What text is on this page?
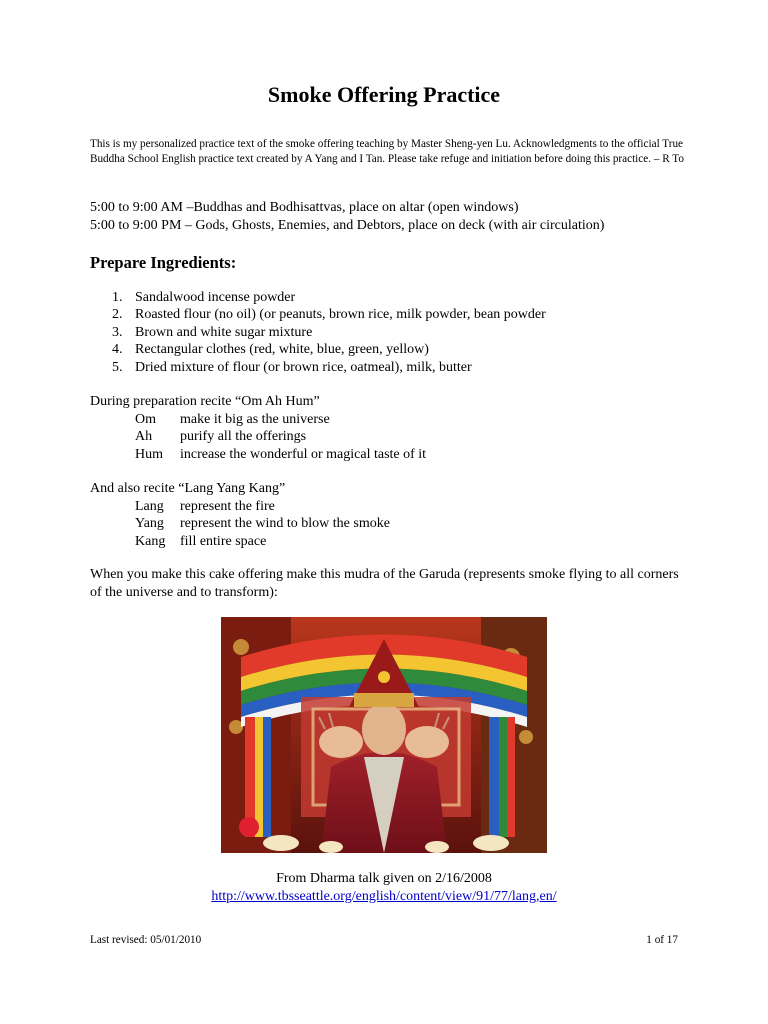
Smoke Offering Practice

This is my personalized practice text of the smoke offering teaching by Master Sheng-yen Lu. Acknowledgments to the official True Buddha School English practice text created by A Yang and I Tan. Please take refuge and initiation before doing this practice. – R To

5:00 to 9:00 AM –Buddhas and Bodhisattvas, place on altar (open windows)
5:00 to 9:00 PM – Gods, Ghosts, Enemies, and Debtors, place on deck (with air circulation)
Prepare Ingredients:
1. Sandalwood incense powder
2. Roasted flour (no oil) (or peanuts, brown rice, milk powder, bean powder
3. Brown and white sugar mixture
4. Rectangular clothes (red, white, blue, green, yellow)
5. Dried mixture of flour (or brown rice, oatmeal), milk, butter
During preparation recite “Om Ah Hum”
Om	make it big as the universe
Ah	purify all the offerings
Hum	increase the wonderful or magical taste of it
And also recite “Lang Yang Kang”
Lang	represent the fire
Yang	represent the wind to blow the smoke
Kang	fill entire space

When you make this cake offering make this mudra of the Garuda (represents smoke flying to all corners of the universe and to transform):

From Dharma talk given on 2/16/2008
http://www.tbsseattle.org/english/content/view/91/77/lang,en/
Last revised: 05/01/2010	1 of 17
